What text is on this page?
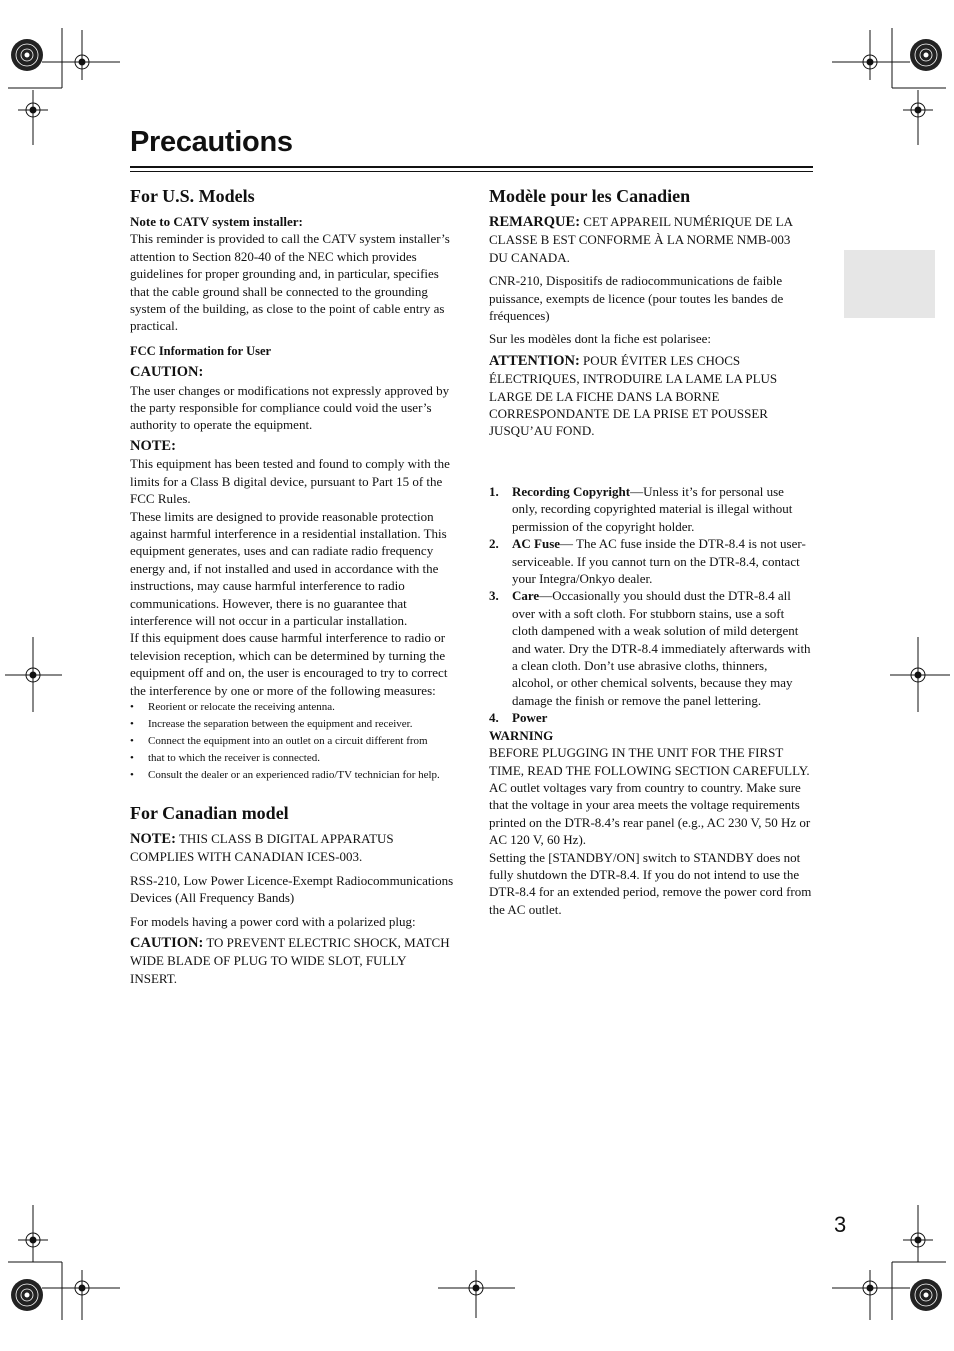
Precautions
For U.S. Models

Note to CATV system installer:

This reminder is provided to call the CATV system installer’s attention to Section 820-40 of the NEC which provides guidelines for proper grounding and, in particular, specifies that the cable ground shall be connected to the grounding system of the building, as close to the point of cable entry as practical.

FCC Information for User

CAUTION:

The user changes or modifications not expressly approved by the party responsible for compliance could void the user’s authority to operate the equipment.

NOTE:

This equipment has been tested and found to comply with the limits for a Class B digital device, pursuant to Part 15 of the FCC Rules.

These limits are designed to provide reasonable protection against harmful interference in a residential installation. This equipment generates, uses and can radiate radio frequency energy and, if not installed and used in accordance with the instructions, may cause harmful interference to radio communications. However, there is no guarantee that interference will not occur in a particular installation.

If this equipment does cause harmful interference to radio or television reception, which can be determined by turning the equipment off and on, the user is encouraged to try to correct the interference by one or more of the following measures:

• Reorient or relocate the receiving antenna.
• Increase the separation between the equipment and receiver.
• Connect the equipment into an outlet on a circuit different from
• that to which the receiver is connected.
• Consult the dealer or an experienced radio/TV technician for help.
For Canadian model

NOTE: THIS CLASS B DIGITAL APPARATUS COMPLIES WITH CANADIAN ICES-003.

RSS-210, Low Power Licence-Exempt Radiocommunications Devices (All Frequency Bands)

For models having a power cord with a polarized plug:

CAUTION: TO PREVENT ELECTRIC SHOCK, MATCH WIDE BLADE OF PLUG TO WIDE SLOT, FULLY INSERT.

Modèle pour les Canadien

REMARQUE: CET APPAREIL NUMÉRIQUE DE LA CLASSE B EST CONFORME À LA NORME NMB-003 DU CANADA.

CNR-210, Dispositifs de radiocommunications de faible puissance, exempts de licence (pour toutes les bandes de fréquences)

Sur les modèles dont la fiche est polarisee:

ATTENTION: POUR ÉVITER LES CHOCS ÉLECTRIQUES, INTRODUIRE LA LAME LA PLUS LARGE DE LA FICHE DANS LA BORNE CORRESPONDANTE DE LA PRISE ET POUSSER JUSQU’AU FOND.

1. Recording Copyright—Unless it’s for personal use only, recording copyrighted material is illegal without permission of the copyright holder.
2. AC Fuse— The AC fuse inside the DTR-8.4 is not user-serviceable. If you cannot turn on the DTR-8.4, contact your Integra/Onkyo dealer.
3. Care—Occasionally you should dust the DTR-8.4 all over with a soft cloth. For stubborn stains, use a soft cloth dampened with a weak solution of mild detergent and water. Dry the DTR-8.4 immediately afterwards with a clean cloth. Don’t use abrasive cloths, thinners, alcohol, or other chemical solvents, because they may damage the finish or remove the panel lettering.
4. Power

WARNING

BEFORE PLUGGING IN THE UNIT FOR THE FIRST TIME, READ THE FOLLOWING SECTION CAREFULLY.

AC outlet voltages vary from country to country. Make sure that the voltage in your area meets the voltage requirements printed on the DTR-8.4’s rear panel (e.g., AC 230 V, 50 Hz or AC 120 V, 60 Hz).

Setting the [STANDBY/ON] switch to STANDBY does not fully shutdown the DTR-8.4. If you do not intend to use the DTR-8.4 for an extended period, remove the power cord from the AC outlet.

3
